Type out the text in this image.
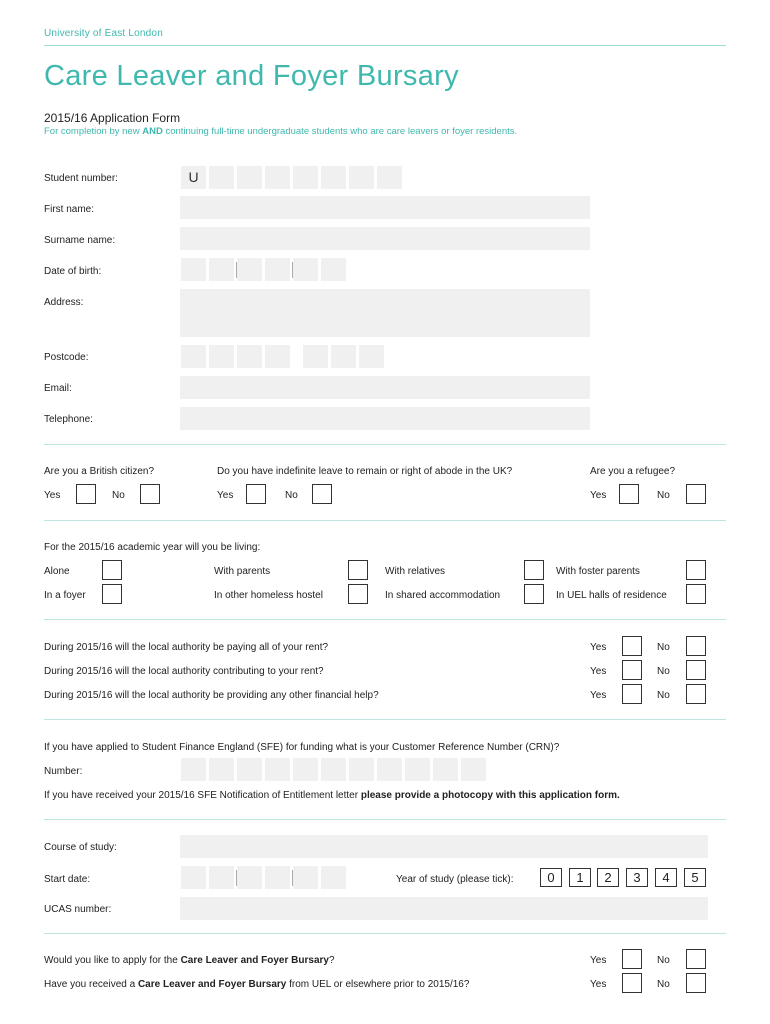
University of East London
Care Leaver and Foyer Bursary
2015/16 Application Form
For completion by new AND continuing full-time undergraduate students who are care leavers or foyer residents.
Student number:	U
First name:
Surname name:
Date of birth:
Address:
Postcode:
Email:
Telephone:
Are you a British citizen?	Do you have indefinite leave to remain or right of abode in the UK?	Are you a refugee?
Yes	No	Yes	No	Yes	No
For the 2015/16 academic year will you be living:
Alone	With parents	With relatives	With foster parents
In a foyer	In other homeless hostel	In shared accommodation	In UEL halls of residence
During 2015/16 will the local authority be paying all of your rent?	Yes	No
During 2015/16 will the local authority contributing to your rent?	Yes	No
During 2015/16 will the local authority be providing any other financial help?	Yes	No
If you have applied to Student Finance England (SFE) for funding what is your Customer Reference Number (CRN)?
Number:
If you have received your 2015/16 SFE Notification of Entitlement letter please provide a photocopy with this application form.
Course of study:
Start date:	Year of study (please tick):	0	1	2	3	4	5
UCAS number:
Would you like to apply for the Care Leaver and Foyer Bursary?	Yes	No
Have you received a Care Leaver and Foyer Bursary from UEL or elsewhere prior to 2015/16?	Yes	No
